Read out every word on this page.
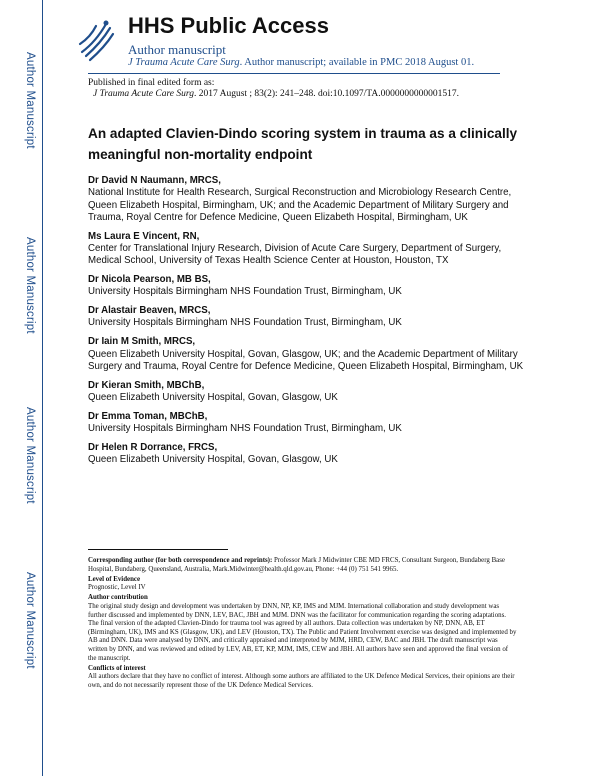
Author Manuscript
Author Manuscript
Author Manuscript
Author Manuscript
HHS Public Access
Author manuscript
J Trauma Acute Care Surg. Author manuscript; available in PMC 2018 August 01.
Published in final edited form as:
J Trauma Acute Care Surg. 2017 August ; 83(2): 241–248. doi:10.1097/TA.0000000000001517.
An adapted Clavien-Dindo scoring system in trauma as a clinically meaningful non-mortality endpoint
Dr David N Naumann, MRCS,
National Institute for Health Research, Surgical Reconstruction and Microbiology Research Centre, Queen Elizabeth Hospital, Birmingham, UK; and the Academic Department of Military Surgery and Trauma, Royal Centre for Defence Medicine, Queen Elizabeth Hospital, Birmingham, UK
Ms Laura E Vincent, RN,
Center for Translational Injury Research, Division of Acute Care Surgery, Department of Surgery, Medical School, University of Texas Health Science Center at Houston, Houston, TX
Dr Nicola Pearson, MB BS,
University Hospitals Birmingham NHS Foundation Trust, Birmingham, UK
Dr Alastair Beaven, MRCS,
University Hospitals Birmingham NHS Foundation Trust, Birmingham, UK
Dr Iain M Smith, MRCS,
Queen Elizabeth University Hospital, Govan, Glasgow, UK; and the Academic Department of Military Surgery and Trauma, Royal Centre for Defence Medicine, Queen Elizabeth Hospital, Birmingham, UK
Dr Kieran Smith, MBChB,
Queen Elizabeth University Hospital, Govan, Glasgow, UK
Dr Emma Toman, MBChB,
University Hospitals Birmingham NHS Foundation Trust, Birmingham, UK
Dr Helen R Dorrance, FRCS,
Queen Elizabeth University Hospital, Govan, Glasgow, UK
Corresponding author (for both correspondence and reprints): Professor Mark J Midwinter CBE MD FRCS, Consultant Surgeon, Bundaberg Base Hospital, Bundaberg, Queensland, Australia, Mark.Midwinter@health.qld.gov.au, Phone: +44 (0) 751 541 9965.
Level of Evidence
Prognostic, Level IV
Author contribution
The original study design and development was undertaken by DNN, NP, KP, IMS and MJM. International collaboration and study development was further discussed and implemented by DNN, LEV, BAC, JBH and MJM. DNN was the facilitator for communication regarding the scoring adaptations. The final version of the adapted Clavien-Dindo for trauma tool was agreed by all authors. Data collection was undertaken by NP, DNN, AB, ET (Birmingham, UK), IMS and KS (Glasgow, UK), and LEV (Houston, TX). The Public and Patient Involvement exercise was designed and implemented by AB and DNN. Data were analysed by DNN, and critically appraised and interpreted by MJM, HRD, CEW, BAC and JBH. The draft manuscript was written by DNN, and was reviewed and edited by LEV, AB, ET, KP, MJM, IMS, CEW and JBH. All authors have seen and approved the final version of the manuscript.
Conflicts of interest
All authors declare that they have no conflict of interest. Although some authors are affiliated to the UK Defence Medical Services, their opinions are their own, and do not necessarily represent those of the UK Defence Medical Services.
